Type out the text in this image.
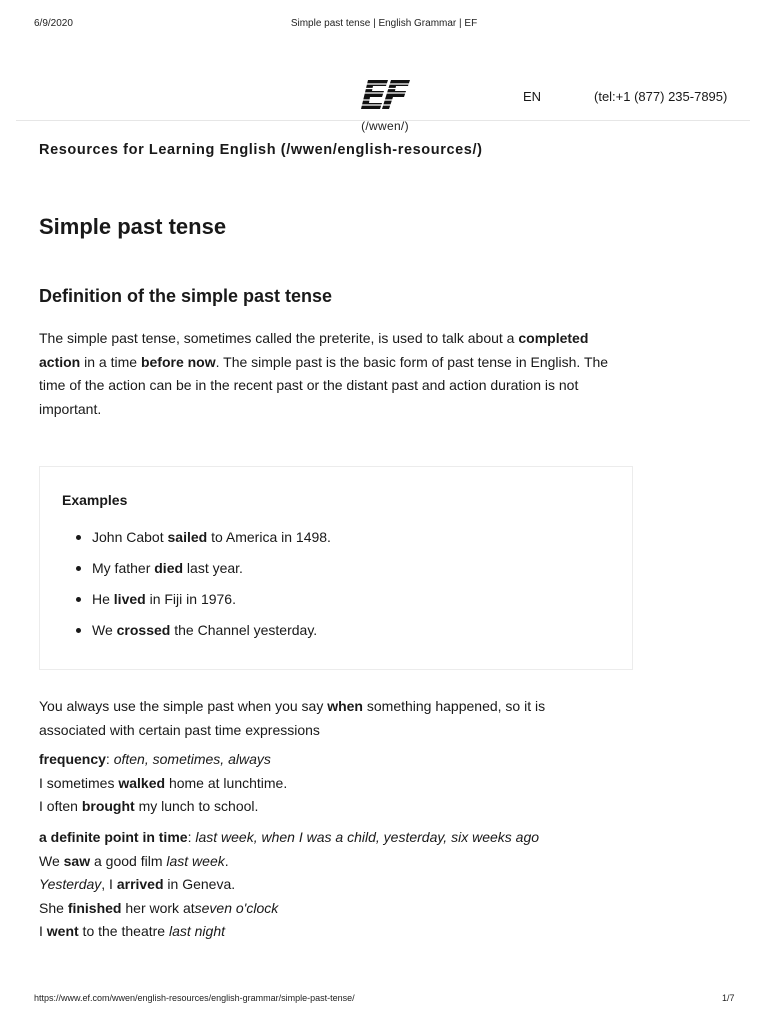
6/9/2020	Simple past tense | English Grammar | EF
(/wwen/)
EN	(tel:+1 (877) 235-7895)
Resources for Learning English (/wwen/english-resources/)
Simple past tense
Definition of the simple past tense

The simple past tense, sometimes called the preterite, is used to talk about a completed action in a time before now. The simple past is the basic form of past tense in English. The time of the action can be in the recent past or the distant past and action duration is not important.

Examples
John Cabot sailed to America in 1498.
My father died last year.
He lived in Fiji in 1976.
We crossed the Channel yesterday.

You always use the simple past when you say when something happened, so it is associated with certain past time expressions

frequency: often, sometimes, always
I sometimes walked home at lunchtime.
I often brought my lunch to school.
a definite point in time: last week, when I was a child, yesterday, six weeks ago
We saw a good film last week.
Yesterday, I arrived in Geneva.
She finished her work atseven o'clock
I went to the theatre last night
https://www.ef.com/wwen/english-resources/english-grammar/simple-past-tense/	1/7
